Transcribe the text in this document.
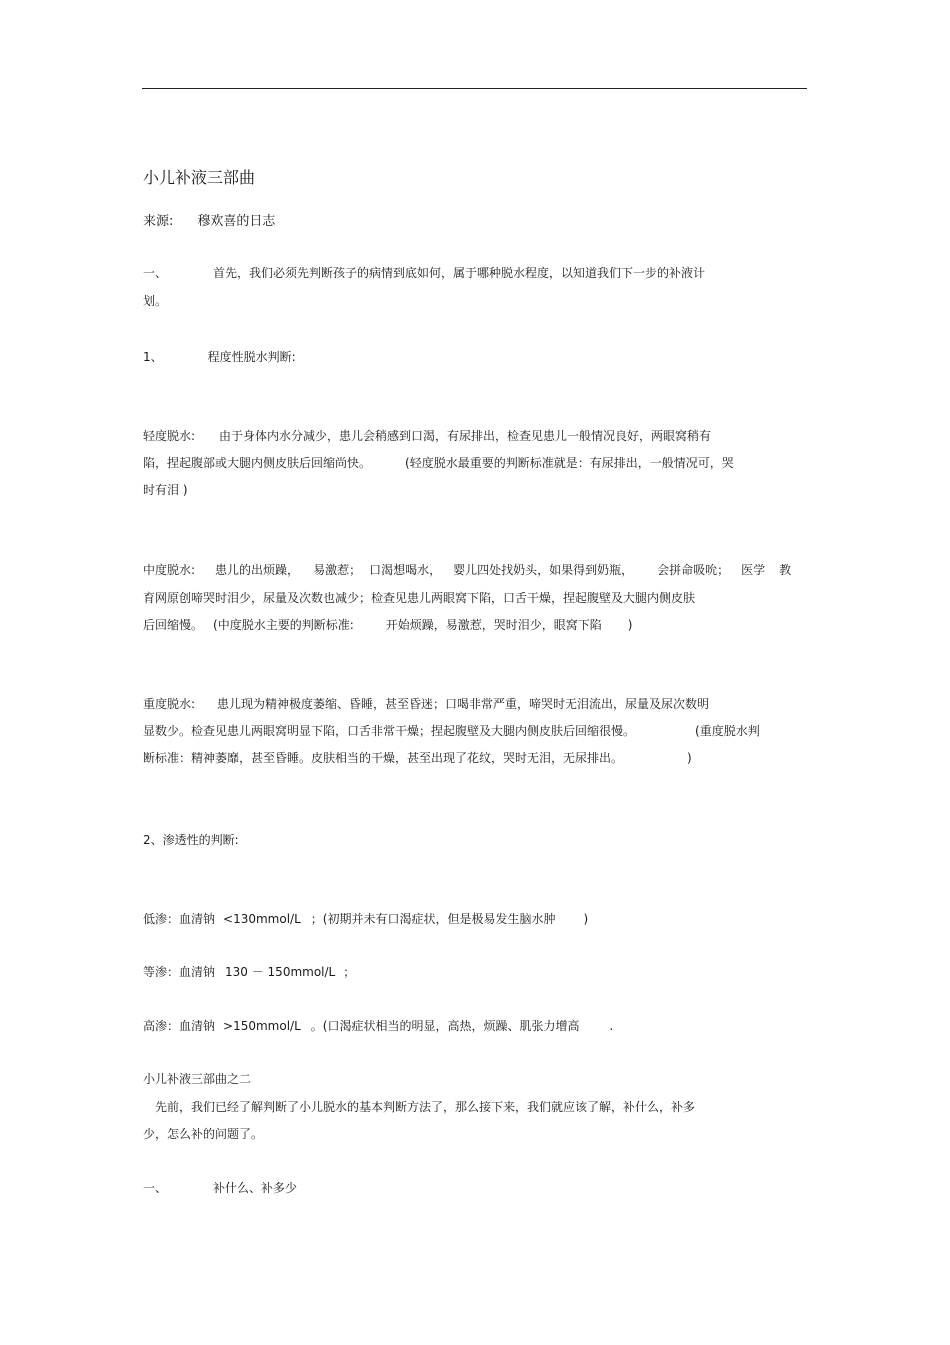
小儿补液三部曲
来源: 穆欢喜的日志
一、	首先，我们必须先判断孩子的病情到底如何，属于哪种脱水程度，以知道我们下一步的补液计
划。
1、	程度性脱水判断:
轻度脱水: 由于身体内水分减少，患儿会稍感到口渴，有尿排出，检查见患儿一般情况良好，两眼窝稍有
陷，捏起腹部或大腿内侧皮肤后回缩尚快。	(轻度脱水最重要的判断标准就是：有尿排出，一般情况可，哭
时有泪 )
中度脱水: 患儿的出烦躁， 易激惹； 口渴想喝水， 婴儿四处找奶头，如果得到奶瓶， 会拼命吸吮； 医学 教
育网原创啼哭时泪少，尿量及次数也减少；检查见患儿两眼窝下陷，口舌干燥，捏起腹壁及大腿内侧皮肤
后回缩慢。 (中度脱水主要的判断标准:	开始烦躁，易激惹，哭时泪少，眼窝下陷 )
重度脱水: 患儿现为精神极度萎缩、昏睡，甚至昏迷；口喝非常严重，啼哭时无泪流出，尿量及尿次数明
显数少。检查见患儿两眼窝明显下陷，口舌非常干燥；捏起腹壁及大腿内侧皮肤后回缩很慢。	(重度脱水判
断标准：精神萎靡，甚至昏睡。皮肤相当的干燥，甚至出现了花纹，哭时无泪，无尿排出。	)
2、渗透性的判断:
低渗：血清钠 <130mmol/L ；(初期并未有口渴症状，但是极易发生脑水肿 )
等渗：血清钠 130 － 150mmol/L ；
高渗：血清钠 >150mmol/L 。(口渴症状相当的明显，高热，烦躁、肌张力增高	.
小儿补液三部曲之二
　先前，我们已经了解判断了小儿脱水的基本判断方法了，那么接下来，我们就应该了解，补什么，补多
少，怎么补的问题了。
一、	补什么、补多少
